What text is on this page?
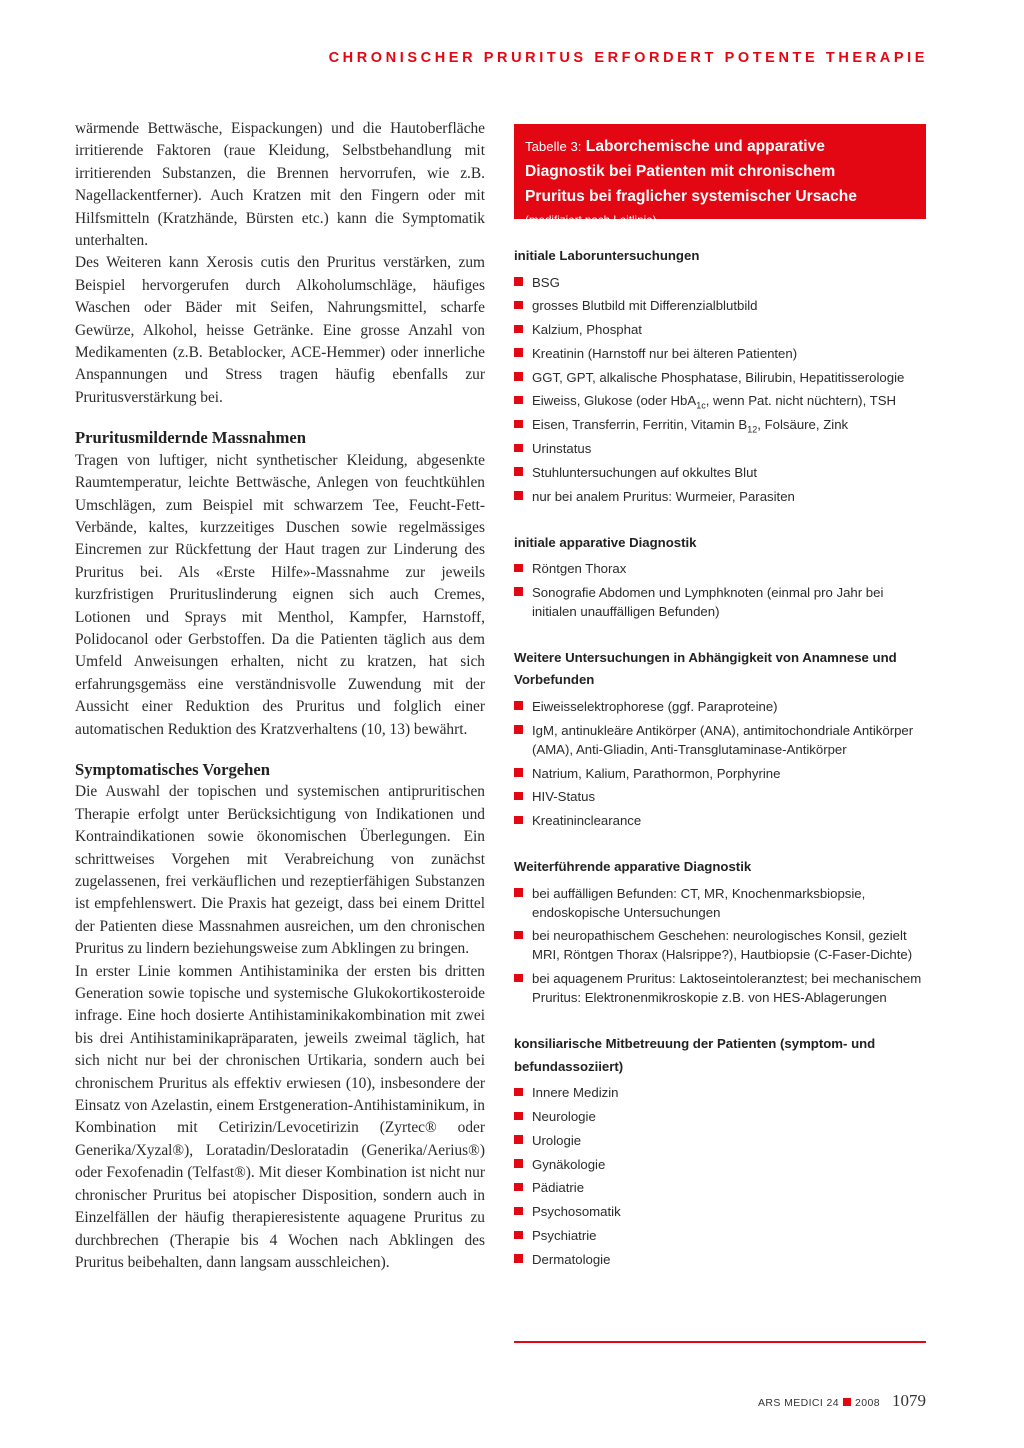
CHRONISCHER PRURITUS ERFORDERT POTENTE THERAPIE

wärmende Bettwäsche, Eispackungen) und die Hautoberfläche irritierende Faktoren (raue Kleidung, Selbstbehandlung mit irritierenden Substanzen, die Brennen hervorrufen, wie z.B. Nagellackentferner). Auch Kratzen mit den Fingern oder mit Hilfsmitteln (Kratzhände, Bürsten etc.) kann die Symptomatik unterhalten.

Des Weiteren kann Xerosis cutis den Pruritus verstärken, zum Beispiel hervorgerufen durch Alkoholumschläge, häufiges Waschen oder Bäder mit Seifen, Nahrungsmittel, scharfe Gewürze, Alkohol, heisse Getränke. Eine grosse Anzahl von Medikamenten (z.B. Betablocker, ACE-Hemmer) oder innerliche Anspannungen und Stress tragen häufig ebenfalls zur Pruritusverstärkung bei.

Pruritusmildernde Massnahmen

Tragen von luftiger, nicht synthetischer Kleidung, abgesenkte Raumtemperatur, leichte Bettwäsche, Anlegen von feuchtkühlen Umschlägen, zum Beispiel mit schwarzem Tee, Feucht-Fett-Verbände, kaltes, kurzzeitiges Duschen sowie regelmässiges Eincremen zur Rückfettung der Haut tragen zur Linderung des Pruritus bei. Als «Erste Hilfe»-Massnahme zur jeweils kurzfristigen Prurituslinderung eignen sich auch Cremes, Lotionen und Sprays mit Menthol, Kampfer, Harnstoff, Polidocanol oder Gerbstoffen. Da die Patienten täglich aus dem Umfeld Anweisungen erhalten, nicht zu kratzen, hat sich erfahrungsgemäss eine verständnisvolle Zuwendung mit der Aussicht einer Reduktion des Pruritus und folglich einer automatischen Reduktion des Kratzverhaltens (10, 13) bewährt.

Symptomatisches Vorgehen

Die Auswahl der topischen und systemischen antipruritischen Therapie erfolgt unter Berücksichtigung von Indikationen und Kontraindikationen sowie ökonomischen Überlegungen. Ein schrittweises Vorgehen mit Verabreichung von zunächst zugelassenen, frei verkäuflichen und rezeptierfähigen Substanzen ist empfehlenswert. Die Praxis hat gezeigt, dass bei einem Drittel der Patienten diese Massnahmen ausreichen, um den chronischen Pruritus zu lindern beziehungsweise zum Abklingen zu bringen.

In erster Linie kommen Antihistaminika der ersten bis dritten Generation sowie topische und systemische Glukokortikosteroide infrage. Eine hoch dosierte Antihistaminikakombination mit zwei bis drei Antihistaminikapräparaten, jeweils zweimal täglich, hat sich nicht nur bei der chronischen Urtikaria, sondern auch bei chronischem Pruritus als effektiv erwiesen (10), insbesondere der Einsatz von Azelastin, einem Erstgeneration-Antihistaminikum, in Kombination mit Cetirizin/Levocetirizin (Zyrtec® oder Generika/Xyzal®), Loratadin/Desloratadin (Generika/Aerius®) oder Fexofenadin (Telfast®). Mit dieser Kombination ist nicht nur chronischer Pruritus bei atopischer Disposition, sondern auch in Einzelfällen der häufig therapieresistente aquagene Pruritus zu durchbrechen (Therapie bis 4 Wochen nach Abklingen des Pruritus beibehalten, dann langsam ausschleichen).

Tabelle 3: Laborchemische und apparative
Diagnostik bei Patienten mit chronischem
Pruritus bei fraglicher systemischer Ursache
(modifiziert nach Leitlinie)
initiale Laboruntersuchungen
BSG
grosses Blutbild mit Differenzialblutbild
Kalzium, Phosphat
Kreatinin (Harnstoff nur bei älteren Patienten)
GGT, GPT, alkalische Phosphatase, Bilirubin, Hepatitisserologie
Eiweiss, Glukose (oder HbA$_{1c}$, wenn Pat. nicht nüchtern), TSH
Eisen, Transferrin, Ferritin, Vitamin $B_{12}$, Folsäure, Zink
Urinstatus
Stuhluntersuchungen auf okkultes Blut
nur bei analem Pruritus: Wurmeier, Parasiten
initiale apparative Diagnostik
Röntgen Thorax
Sonografie Abdomen und Lymphknoten (einmal pro Jahr bei initialen unauffälligen Befunden)
Weitere Untersuchungen in Abhängigkeit von Anamnese und Vorbefunden
Eiweisselektrophorese (ggf. Paraproteine)
IgM, antinukleäre Antikörper (ANA), antimitochondriale Antikörper (AMA), Anti-Gliadin, Anti-Transglutaminase-Antikörper
Natrium, Kalium, Parathormon, Porphyrine
HIV-Status
Kreatininclearance
Weiterführende apparative Diagnostik
bei auffälligen Befunden: CT, MR, Knochenmarksbiopsie, endoskopische Untersuchungen
bei neuropathischem Geschehen: neurologisches Konsil, gezielt MRI, Röntgen Thorax (Halsrippe?), Hautbiopsie (C-Faser-Dichte)
bei aquagenem Pruritus: Laktoseintoleranztest; bei mechanischem Pruritus: Elektronenmikroskopie z.B. von HES-Ablagerungen
konsiliarische Mitbetreuung der Patienten (symptom- und befundassoziiert)
Innere Medizin
Neurologie
Urologie
Gynäkologie
Pädiatrie
Psychosomatik
Psychiatrie
Dermatologie
ARS MEDICI 24 2008 1079
